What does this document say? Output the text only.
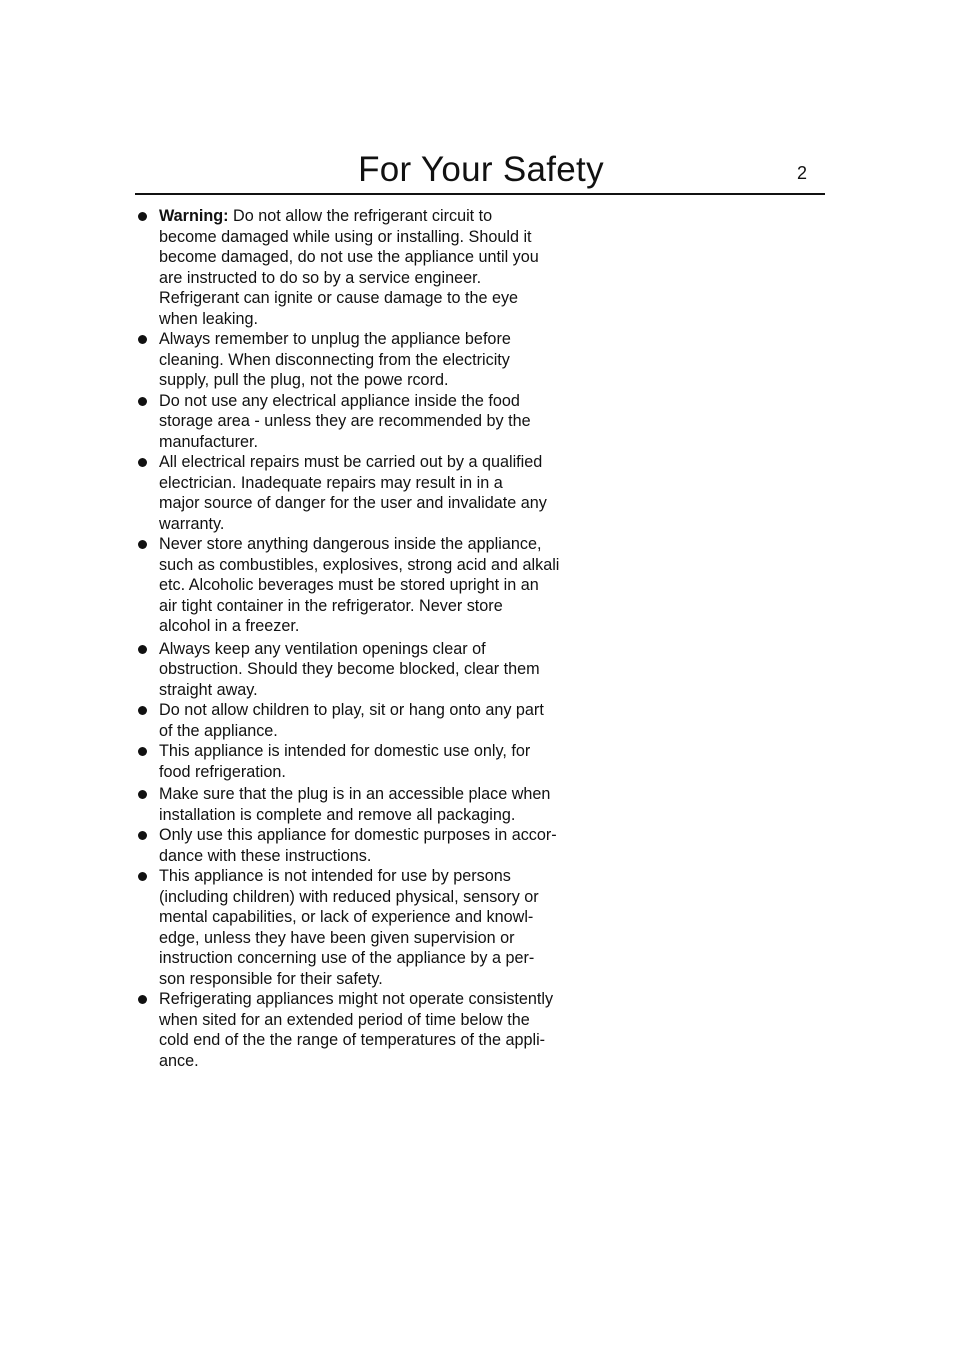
For Your Safety	2
Warning: Do not allow the refrigerant circuit to
become damaged while using or installing. Should it
become damaged, do not use the appliance until you
are instructed to do so by a service engineer.
Refrigerant can ignite or cause damage to the eye
when leaking.
Always remember to unplug the appliance before
cleaning. When disconnecting from the electricity
supply, pull the plug, not the powe rcord.
Do not use any electrical appliance inside the food
storage area - unless they are recommended by the
manufacturer.
All electrical repairs must be carried out by a qualified
electrician. Inadequate repairs may result in in a
major source of danger for the user and invalidate any
warranty.
Never store anything dangerous inside the appliance,
such as combustibles, explosives, strong acid and alkali
etc. Alcoholic beverages must be stored upright in an
air tight container in the refrigerator. Never store
alcohol in a freezer.
Always keep any ventilation openings clear of
obstruction. Should they become blocked, clear them
straight away.
Do not allow children to play, sit or hang onto any part
of the appliance.
This appliance is intended for domestic use only, for
food refrigeration.
Make sure that the plug is in an accessible place when
installation is complete and remove all packaging.
Only use this appliance for domestic purposes in accor-
dance with these instructions.
This appliance is not intended for use by persons
(including children) with reduced physical, sensory or
mental capabilities, or lack of experience and knowl-
edge, unless they have been given supervision or
instruction concerning use of the appliance by a per-
son responsible for their safety.
Refrigerating appliances might not operate consistently
when sited for an extended period of time below the
cold end of the the range of temperatures of the appli-
ance.
